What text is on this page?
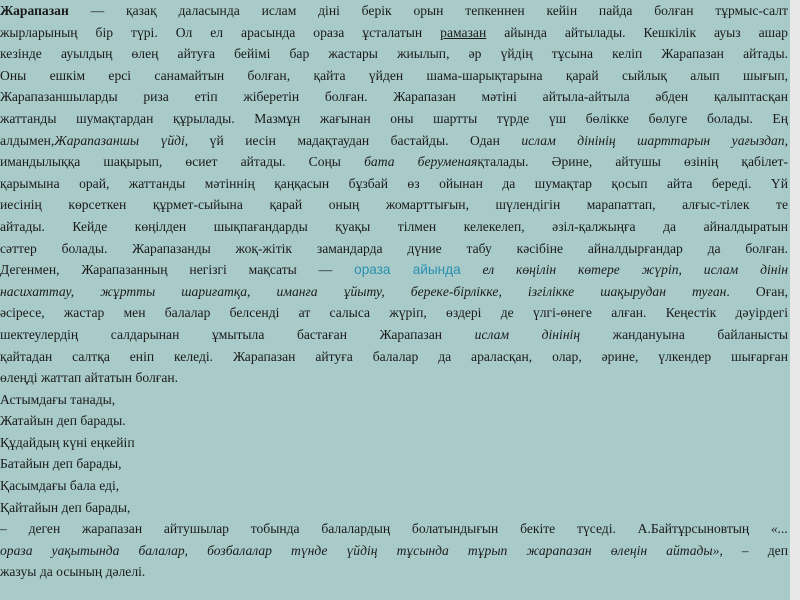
Жарапазан — қазақ даласында ислам діні берік орын тепкеннен кейін пайда болған тұрмыс-салт
жырларының бір түрі. Ол ел арасында ораза ұсталатын рамазан айында айтылады. Кешкілік ауыз ашар
кезінде ауылдың өлең айтуға бейімі бар жастары жиылып, әр үйдің тұсына келіп Жарапазан айтады.
Оны ешкім ерсі санамайтын болған, қайта үйден шама-шарықтарына қарай сыйлық алып шығып,
Жарапазаншыларды риза етіп жіберетін болған. Жарапазан мәтіні айтыла-айтыла әбден қалыптасқан
жаттанды шумақтардан құрылады. Мазмұн жағынан оны шартты түрде үш бөлікке бөлуге болады. Ең
алдымен,Жарапазаншы үйді, үй иесін мадақтаудан бастайды. Одан ислам дінінің шарттарын уағыздап,
имандылыққа шақырып, өсиет айтады. Соңы бата беруменаяқталады. Әрине, айтушы өзінің қабілет-
қарымына орай, жаттанды мәтіннің қаңқасын бұзбай өз ойынан да шумақтар қосып айта береді. Үй
иесінің көрсеткен құрмет-сыйына қарай оның жомарттығын, шүлендігін марапаттап, алғыс-тілек те
айтады. Кейде көңілден шықпағандарды қуақы тілмен келекелеп, әзіл-қалжыңға да айналдыратын
сәттер болады. Жарапазанды жоқ-жітік замандарда дүние табу кәсібіне айналдырғандар да болған.
Дегенмен, Жарапазанның негізгі мақсаты — ораза айында ел көңілін көтере жүріп, ислам дінін
насихаттау, жұртты шариғатқа, иманға ұйыту, берекe-бірлікке, ізгілікке шақырудан туған. Оған,
әсіресе, жастар мен балалар белсенді ат салыса жүріп, өздері де үлгі-өнеге алған. Кеңестік дәуірдегі
шектеулердің салдарынан ұмытыла бастаған Жарапазан ислам дінінің жандануына байланысты
қайтадан салтқа еніп келеді. Жарапазан айтуға балалар да араласқан, олар, әрине, үлкендер шығарған
өлеңді жаттап айтатын болған.
Астымдағы танады,
Жатайын деп барады.
Құдайдың күні еңкейіп
Батайын деп барады,
Қасымдағы бала еді,
Қайтайын деп барады,
– деген жарапазан айтушылар тобында балалардың болатындығын бекіте түседі. А.Байтұрсыновтың «...
ораза уақытында балалар, бозбалалар түнде үйдің тұсында тұрып жарапазан өлеңін айтады», – деп
жазуы да осының дәлелі.
